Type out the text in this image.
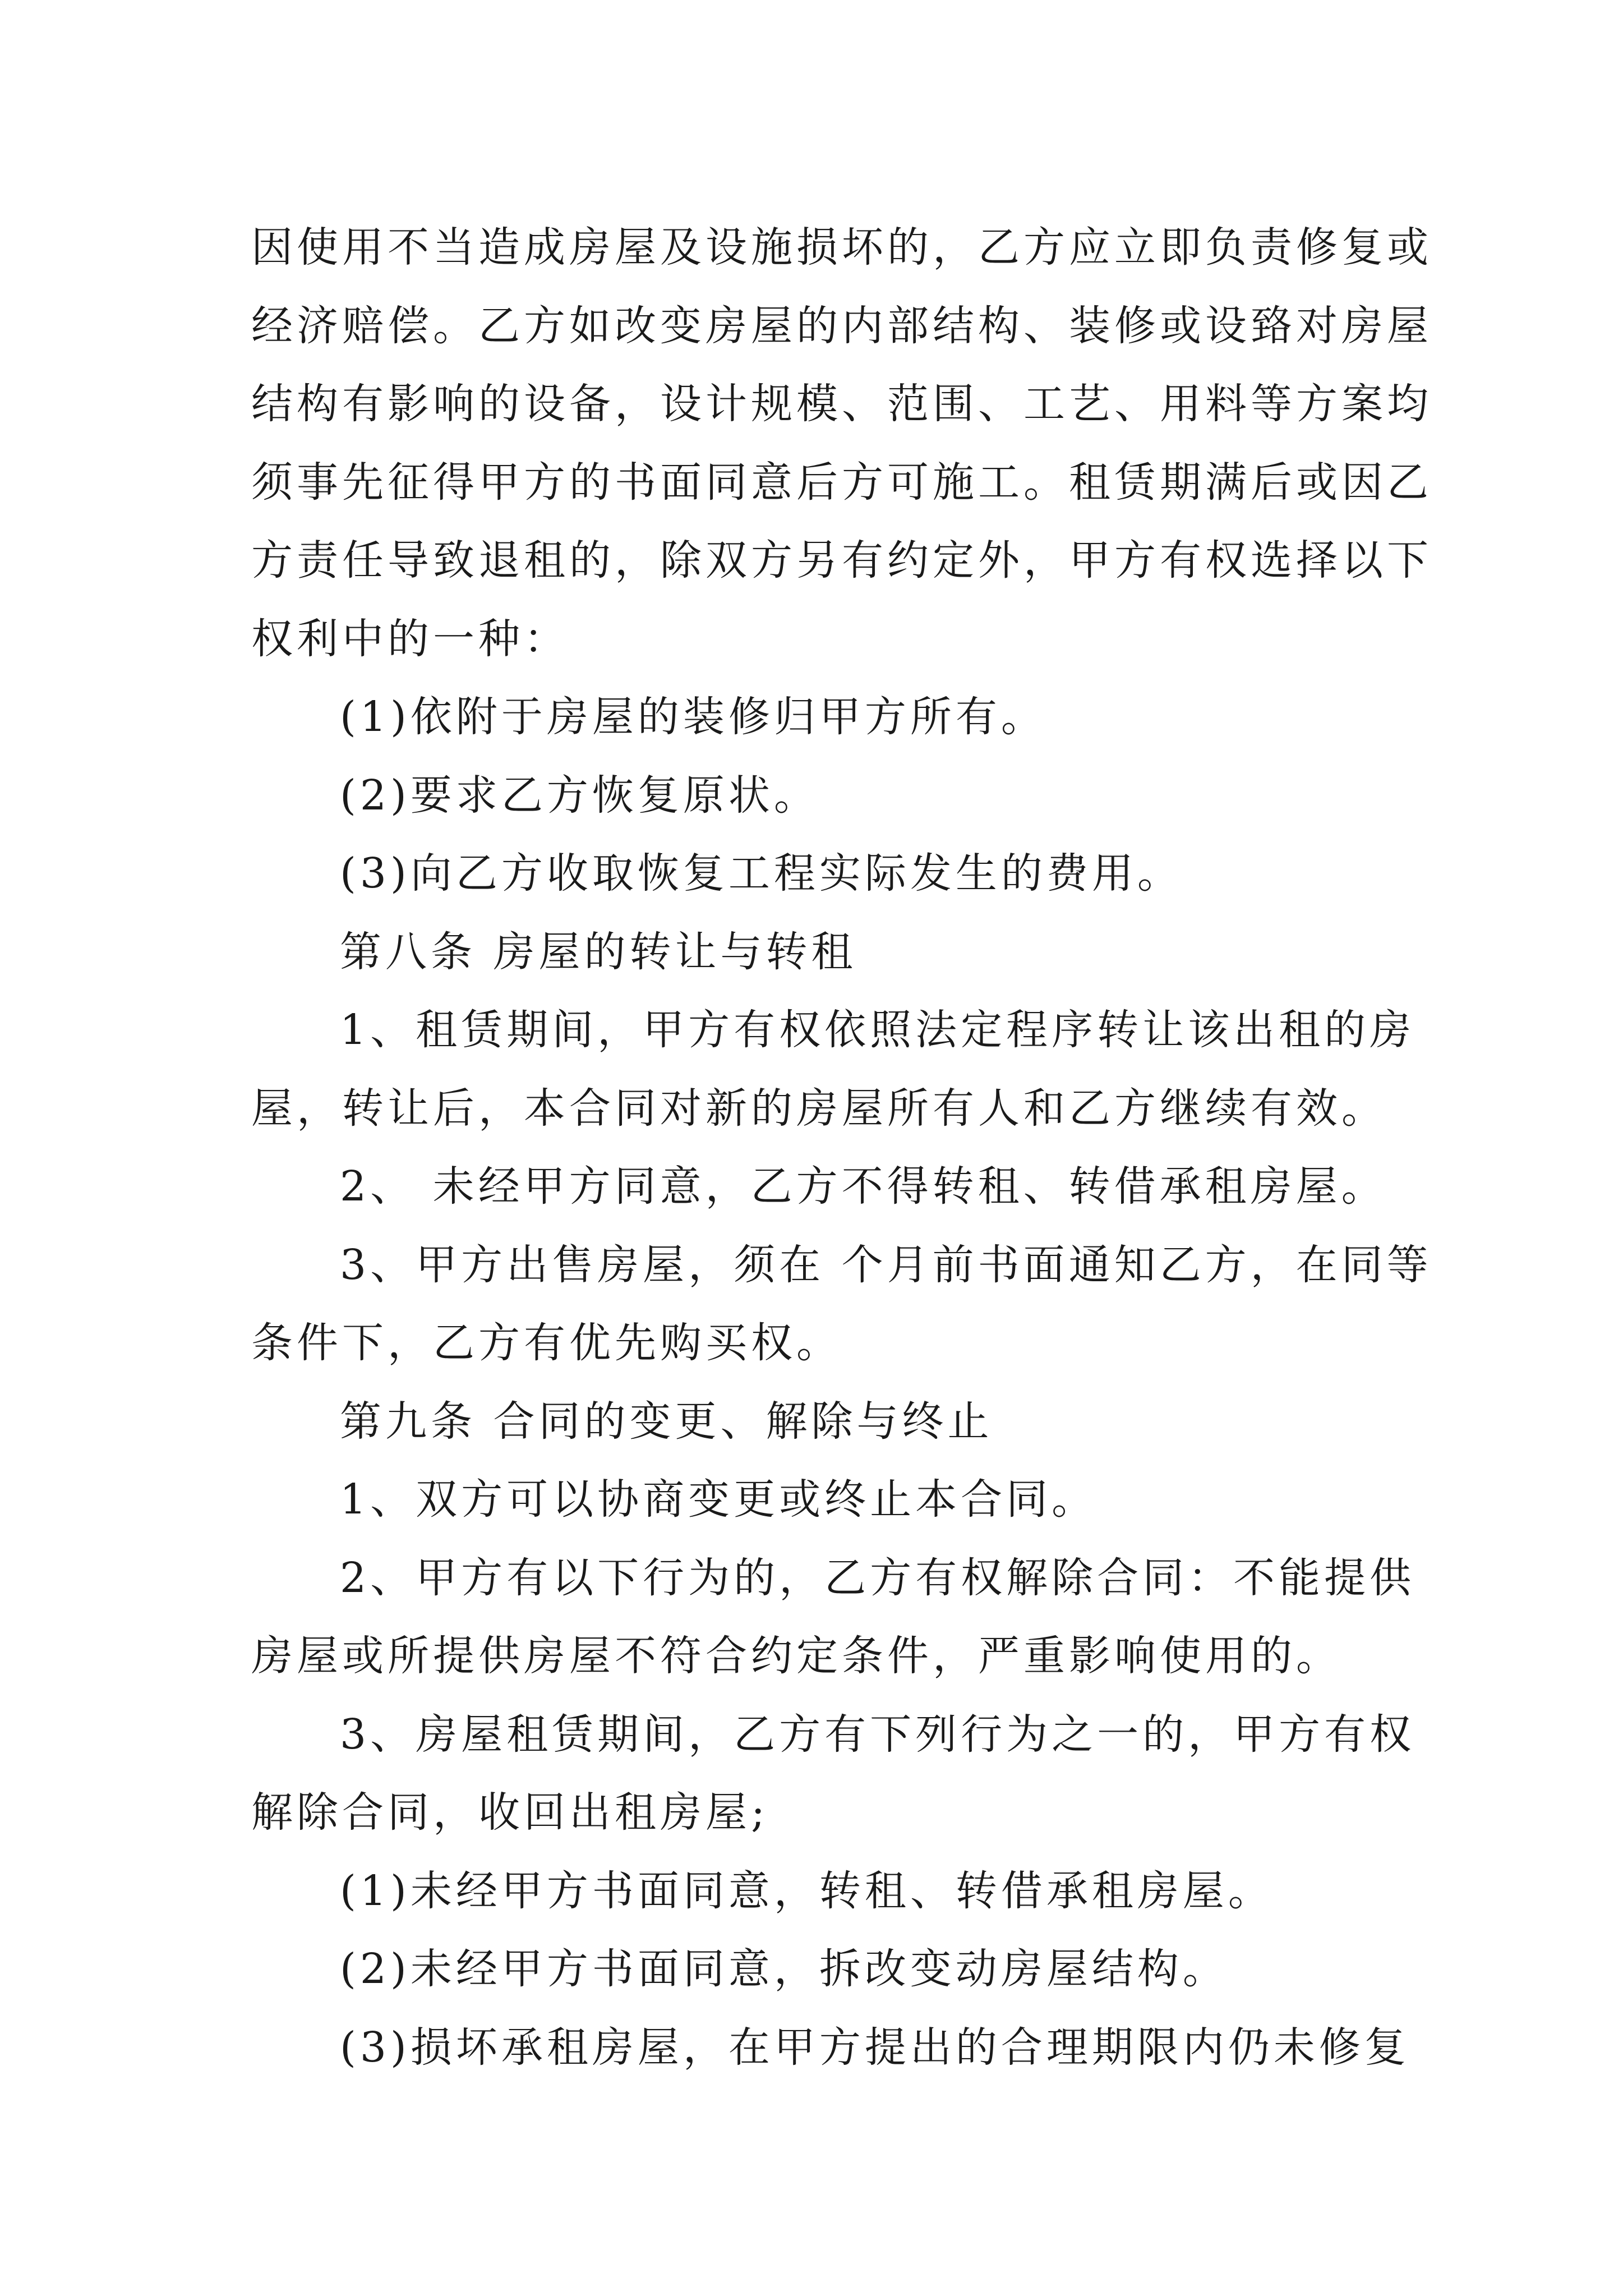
因使用不当造成房屋及设施损坏的，乙方应立即负责修复或
经济赔偿。乙方如改变房屋的内部结构、装修或设臵对房屋
结构有影响的设备，设计规模、范围、工艺、用料等方案均
须事先征得甲方的书面同意后方可施工。租赁期满后或因乙
方责任导致退租的，除双方另有约定外，甲方有权选择以下
权利中的一种：
(1)依附于房屋的装修归甲方所有。
(2)要求乙方恢复原状。
(3)向乙方收取恢复工程实际发生的费用。
第八条 房屋的转让与转租
1、租赁期间，甲方有权依照法定程序转让该出租的房
屋，转让后，本合同对新的房屋所有人和乙方继续有效。
2、 未经甲方同意，乙方不得转租、转借承租房屋。
3、甲方出售房屋，须在 个月前书面通知乙方，在同等
条件下，乙方有优先购买权。
第九条 合同的变更、解除与终止
1、双方可以协商变更或终止本合同。
2、甲方有以下行为的，乙方有权解除合同：不能提供
房屋或所提供房屋不符合约定条件，严重影响使用的。
3、房屋租赁期间，乙方有下列行为之一的，甲方有权
解除合同，收回出租房屋;
(1)未经甲方书面同意，转租、转借承租房屋。
(2)未经甲方书面同意，拆改变动房屋结构。
(3)损坏承租房屋，在甲方提出的合理期限内仍未修复
